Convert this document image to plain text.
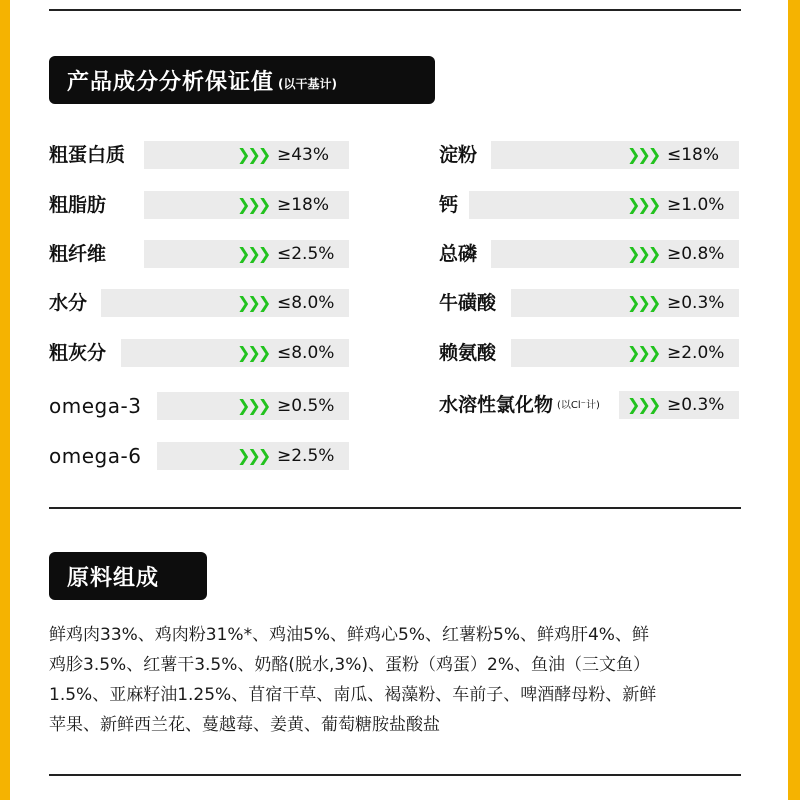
产品成分分析保证值 (以干基计)
粗蛋白质	❯❯❯ ≥43%
粗脂肪	❯❯❯ ≥18%
粗纤维	❯❯❯ ≤2.5%
水分	❯❯❯ ≤8.0%
粗灰分	❯❯❯ ≤8.0%
omega-3	❯❯❯ ≥0.5%
omega-6	❯❯❯ ≥2.5%
淀粉	❯❯❯ ≤18%
钙	❯❯❯ ≥1.0%
总磷	❯❯❯ ≥0.8%
牛磺酸	❯❯❯ ≥0.3%
赖氨酸	❯❯❯ ≥2.0%
水溶性氯化物 (以Cl⁻计) ❯❯❯ ≥0.3%
原料组成
鲜鸡肉33%、鸡肉粉31%*、鸡油5%、鲜鸡心5%、红薯粉5%、鲜鸡肝4%、鲜
鸡胗3.5%、红薯干3.5%、奶酪(脱水,3%)、蛋粉（鸡蛋）2%、鱼油（三文鱼）
1.5%、亚麻籽油1.25%、苜宿干草、南瓜、褐藻粉、车前子、啤酒酵母粉、新鲜
苹果、新鲜西兰花、蔓越莓、姜黄、葡萄糖胺盐酸盐
